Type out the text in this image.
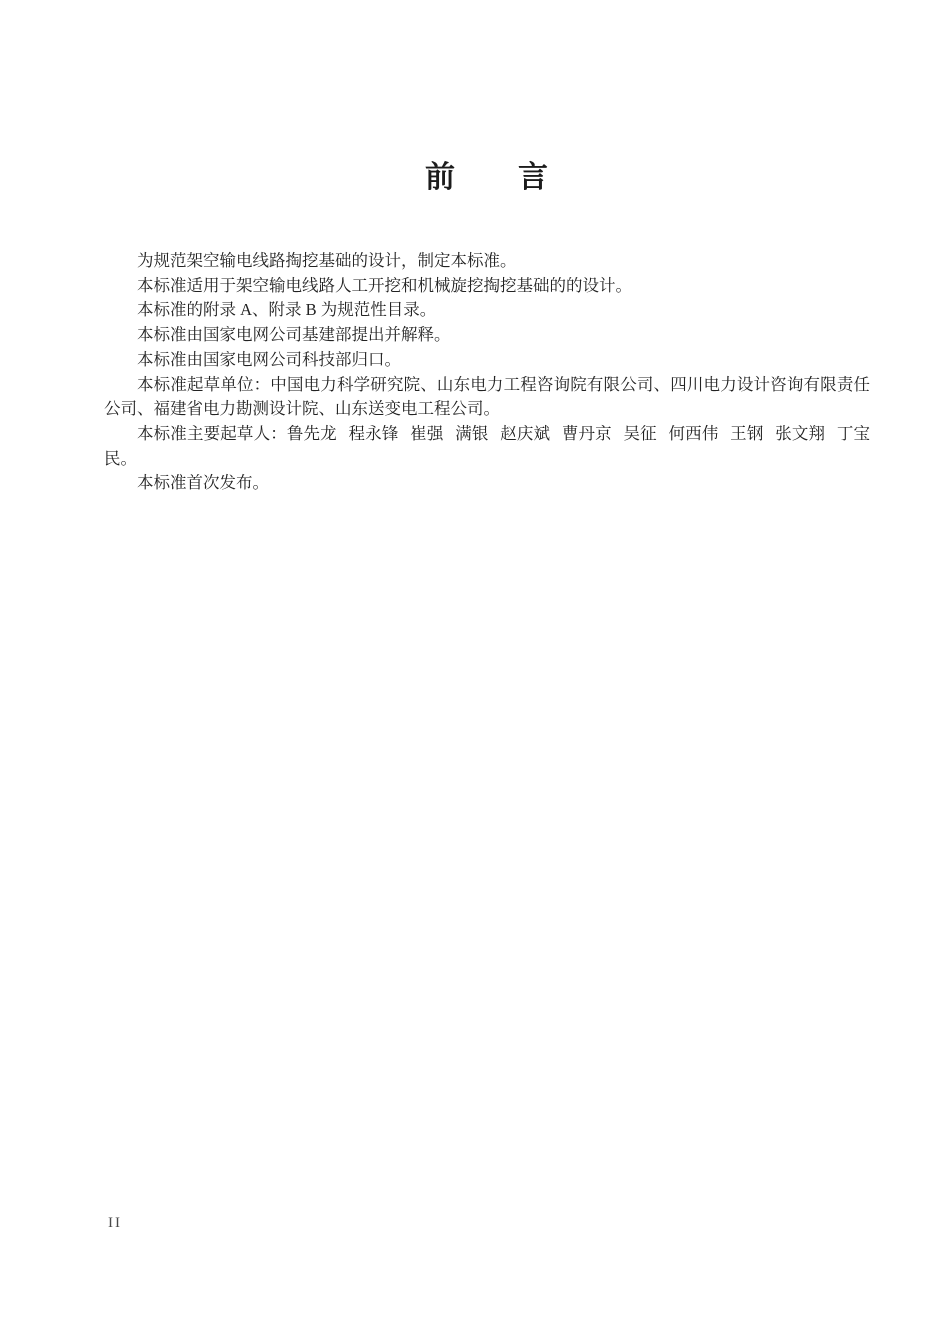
前　　言

为规范架空输电线路掏挖基础的设计，制定本标准。

本标准适用于架空输电线路人工开挖和机械旋挖掏挖基础的的设计。

本标准的附录 A、附录 B 为规范性目录。

本标准由国家电网公司基建部提出并解释。

本标准由国家电网公司科技部归口。

本标准起草单位：中国电力科学研究院、山东电力工程咨询院有限公司、四川电力设计咨询有限责任公司、福建省电力勘测设计院、山东送变电工程公司。

本标准主要起草人：鲁先龙 程永锋 崔强 满银 赵庆斌 曹丹京 吴征 何西伟 王钢 张文翔 丁宝民。

本标准首次发布。

II
